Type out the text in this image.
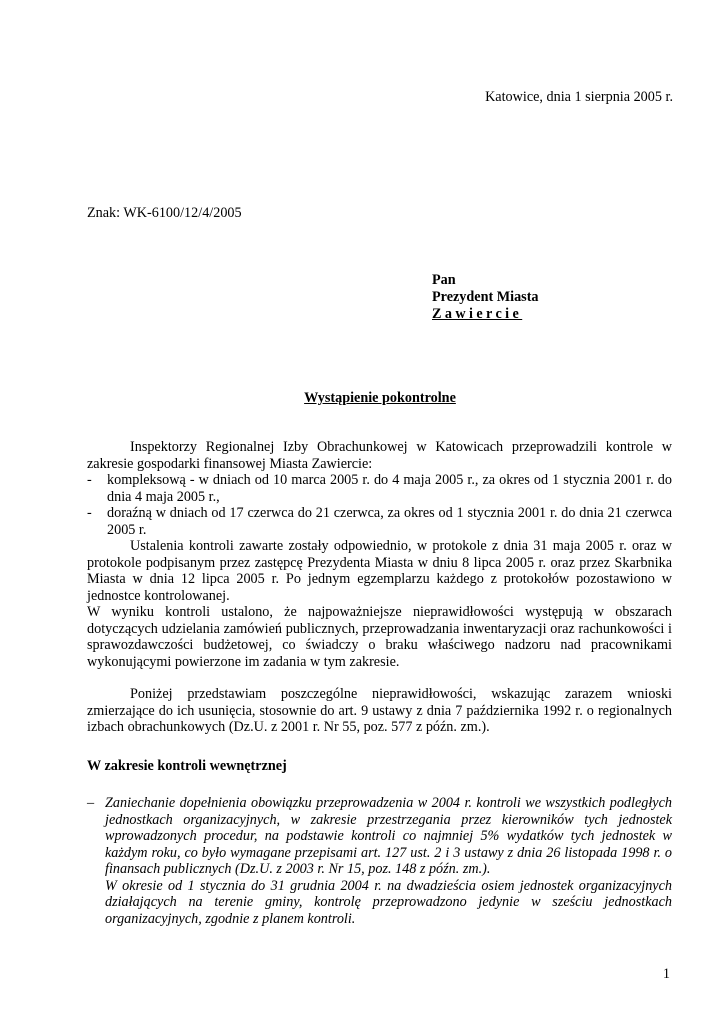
Katowice, dnia 1 sierpnia 2005 r.
Znak: WK-6100/12/4/2005
Pan
Prezydent Miasta
Zawiercie
Wystąpienie pokontrolne

Inspektorzy Regionalnej Izby Obrachunkowej w Katowicach przeprowadzili kontrole w zakresie gospodarki finansowej Miasta Zawiercie:

- kompleksową - w dniach od 10 marca 2005 r. do 4 maja 2005 r., za okres od 1 stycznia 2001 r. do dnia 4 maja 2005 r.,

- doraźną w dniach od 17 czerwca do 21 czerwca, za okres od 1 stycznia 2001 r. do dnia 21 czerwca 2005 r.

Ustalenia kontroli zawarte zostały odpowiednio, w protokole z dnia 31 maja 2005 r. oraz w protokole podpisanym przez zastępcę Prezydenta Miasta w dniu 8 lipca 2005 r. oraz przez Skarbnika Miasta w dnia 12 lipca 2005 r. Po jednym egzemplarzu każdego z protokołów pozostawiono w jednostce kontrolowanej.

W wyniku kontroli ustalono, że najpoważniejsze nieprawidłowości występują w obszarach dotyczących udzielania zamówień publicznych, przeprowadzania inwentaryzacji oraz rachunkowości i sprawozdawczości budżetowej, co świadczy o braku właściwego nadzoru nad pracownikami wykonującymi powierzone im zadania w tym zakresie.

Poniżej przedstawiam poszczególne nieprawidłowości, wskazując zarazem wnioski zmierzające do ich usunięcia, stosownie do art. 9 ustawy z dnia 7 października 1992 r. o regionalnych izbach obrachunkowych (Dz.U. z 2001 r. Nr 55, poz. 577 z późn. zm.).

W zakresie kontroli wewnętrznej

– Zaniechanie dopełnienia obowiązku przeprowadzenia w 2004 r. kontroli we wszystkich podległych jednostkach organizacyjnych, w zakresie przestrzegania przez kierowników tych jednostek wprowadzonych procedur, na podstawie kontroli co najmniej 5% wydatków tych jednostek w każdym roku, co było wymagane przepisami art. 127 ust. 2 i 3 ustawy z dnia 26 listopada 1998 r. o finansach publicznych (Dz.U. z 2003 r. Nr 15, poz. 148 z późn. zm.).

W okresie od 1 stycznia do 31 grudnia 2004 r. na dwadzieścia osiem jednostek organizacyjnych działających na terenie gminy, kontrolę przeprowadzono jedynie w sześciu jednostkach organizacyjnych, zgodnie z planem kontroli.

1
